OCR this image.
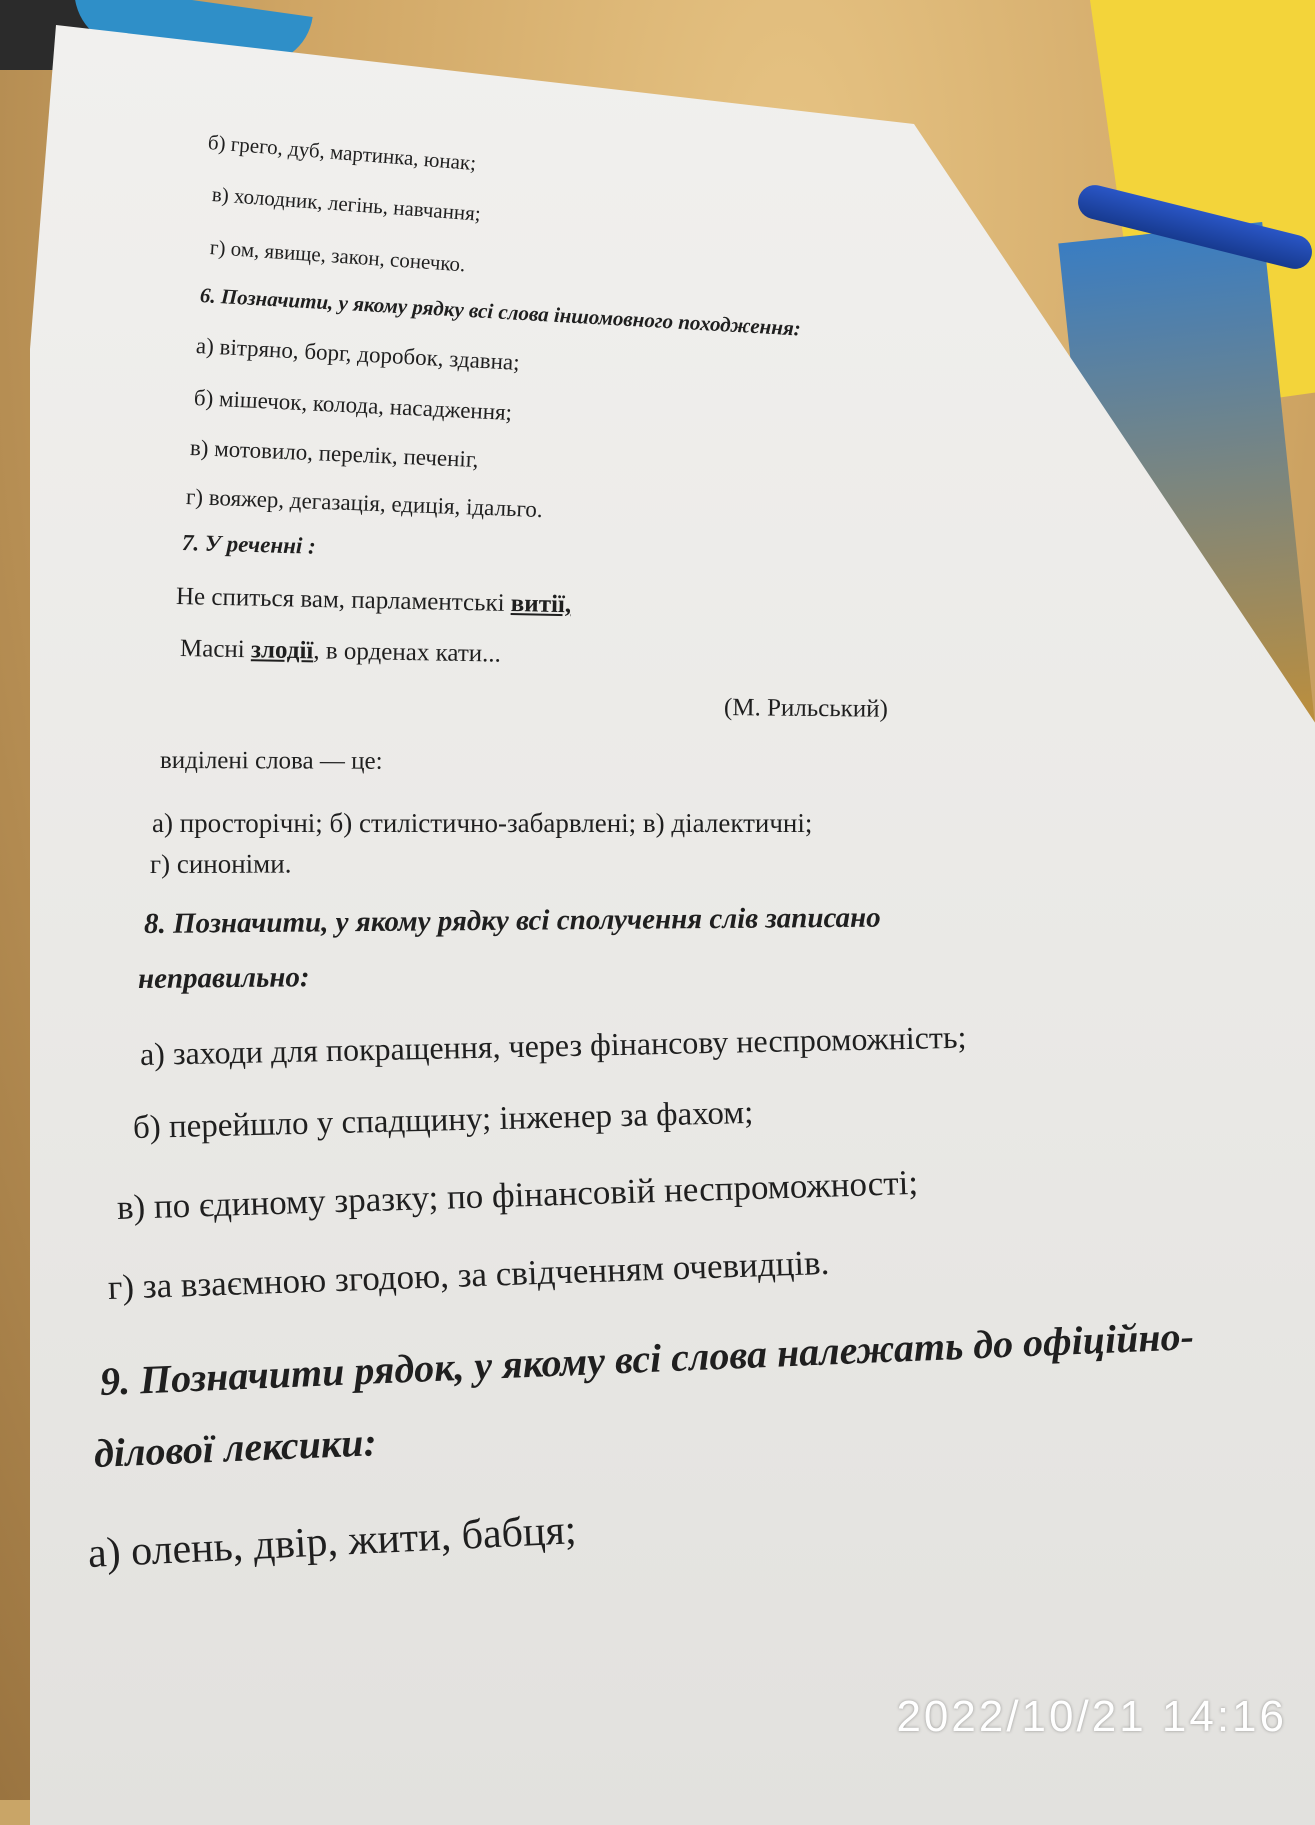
б) грего, дуб, мартинка, юнак;
в) холодник, легінь, навчання;
г) ом, явище, закон, сонечко.
6. Позначити, у якому рядку всі слова іншомовного походження:
а) вітряно, борг, доробок, здавна;
б) мішечок, колода, насадження;
в) мотовило, перелік, печеніг,
г) вояжер, дегазація, едиція, ідальго.
7. У реченні :
Не спиться вам, парламентські витії,
Масні злодії, в орденах кати...
(М. Рильський)
виділені слова — це:
а) просторічні; б) стилістично-забарвлені; в) діалектичні;
г) синоніми.
8. Позначити, у якому рядку всі сполучення слів записано
неправильно:
а) заходи для покращення, через фінансову неспроможність;
б) перейшло у спадщину; інженер за фахом;
в) по єдиному зразку; по фінансовій неспроможності;
г) за взаємною згодою, за свідченням очевидців.
9. Позначити рядок, у якому всі слова належать до офіційно-
ділової лексики:
а) олень, двір, жити, бабця;
2022/10/21 14:16
